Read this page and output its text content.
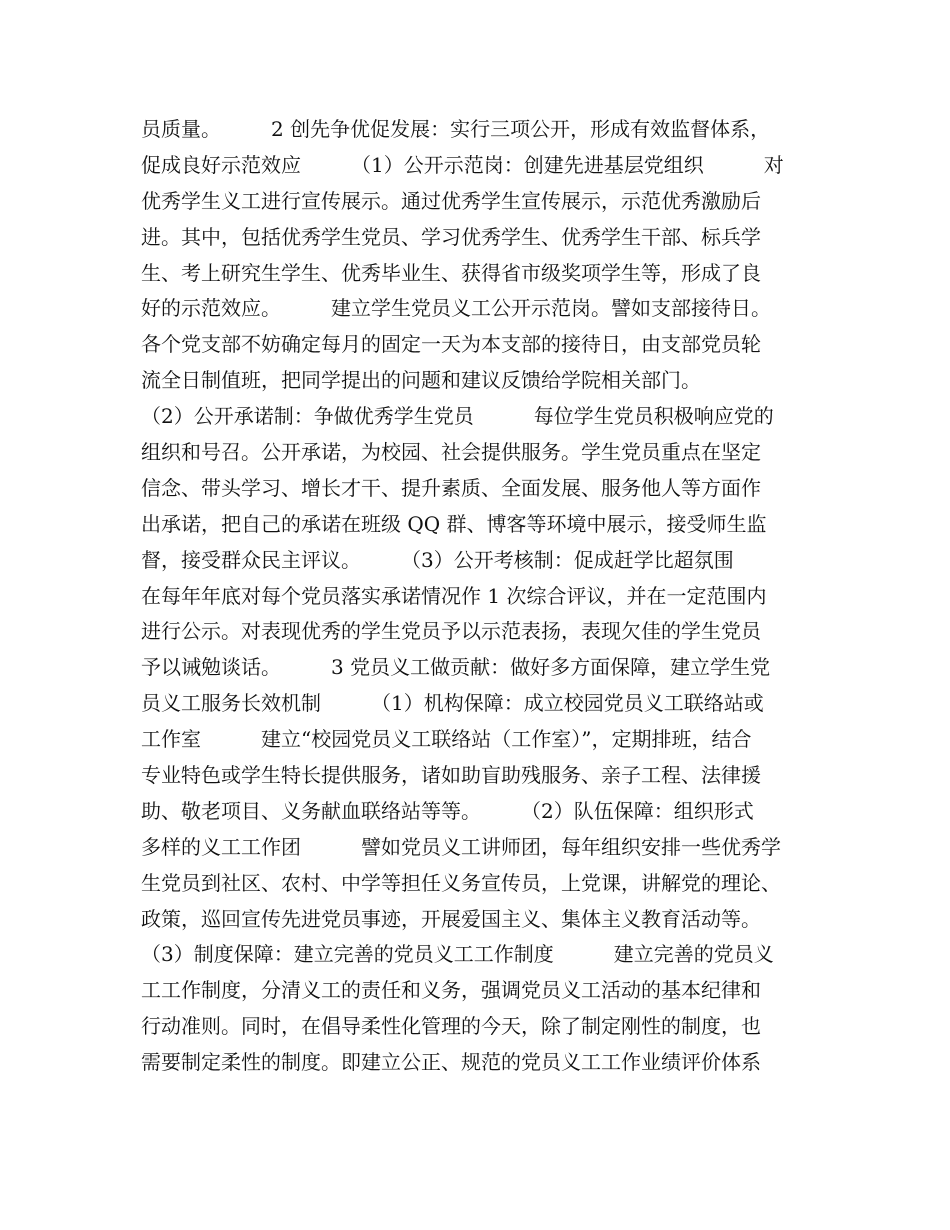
员质量。　　　2 创先争优促发展：实行三项公开，形成有效监督体系，
促成良好示范效应　　　（1）公开示范岗：创建先进基层党组织　　　对
优秀学生义工进行宣传展示。通过优秀学生宣传展示，示范优秀激励后
进。其中，包括优秀学生党员、学习优秀学生、优秀学生干部、标兵学
生、考上研究生学生、优秀毕业生、获得省市级奖项学生等，形成了良
好的示范效应。　　　建立学生党员义工公开示范岗。譬如支部接待日。
各个党支部不妨确定每月的固定一天为本支部的接待日，由支部党员轮
流全日制值班，把同学提出的问题和建议反馈给学院相关部门。
（2）公开承诺制：争做优秀学生党员　　　每位学生党员积极响应党的
组织和号召。公开承诺，为校园、社会提供服务。学生党员重点在坚定
信念、带头学习、增长才干、提升素质、全面发展、服务他人等方面作
出承诺，把自己的承诺在班级 QQ 群、博客等环境中展示，接受师生监
督，接受群众民主评议。　　　（3）公开考核制：促成赶学比超氛围
在每年年底对每个党员落实承诺情况作 1 次综合评议，并在一定范围内
进行公示。对表现优秀的学生党员予以示范表扬，表现欠佳的学生党员
予以诫勉谈话。　　　3 党员义工做贡献：做好多方面保障，建立学生党
员义工服务长效机制　　　（1）机构保障：成立校园党员义工联络站或
工作室　　　建立“校园党员义工联络站（工作室）”，定期排班，结合
专业特色或学生特长提供服务，诸如助盲助残服务、亲子工程、法律援
助、敬老项目、义务献血联络站等等。　　　（2）队伍保障：组织形式
多样的义工工作团　　　譬如党员义工讲师团，每年组织安排一些优秀学
生党员到社区、农村、中学等担任义务宣传员，上党课，讲解党的理论、
政策，巡回宣传先进党员事迹，开展爱国主义、集体主义教育活动等。
（3）制度保障：建立完善的党员义工工作制度　　　建立完善的党员义
工工作制度，分清义工的责任和义务，强调党员义工活动的基本纪律和
行动准则。同时，在倡导柔性化管理的今天，除了制定刚性的制度，也
需要制定柔性的制度。即建立公正、规范的党员义工工作业绩评价体系
